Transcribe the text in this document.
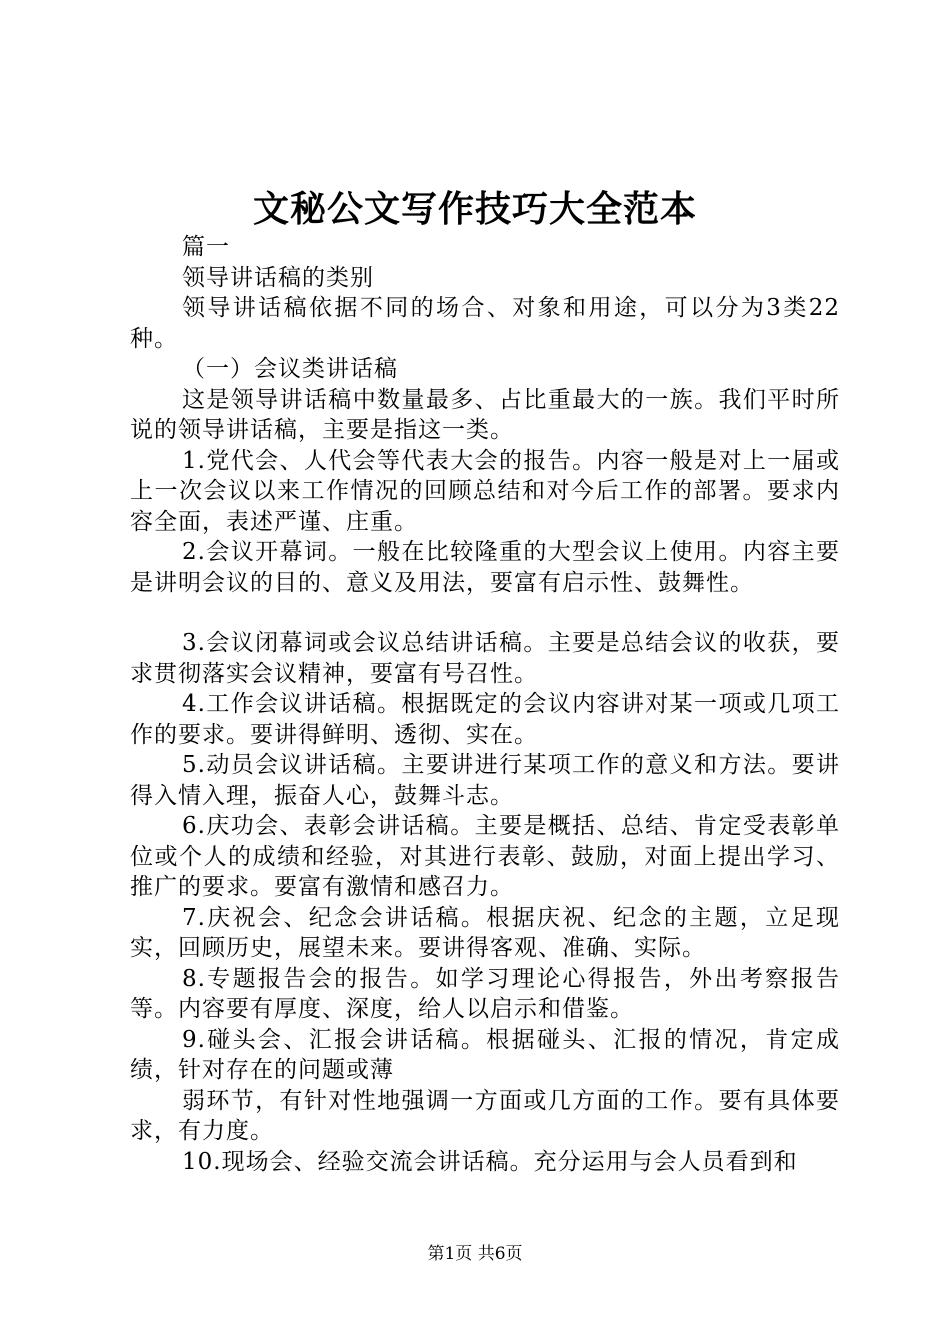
文秘公文写作技巧大全范本

篇一

领导讲话稿的类别

领导讲话稿依据不同的场合、对象和用途，可以分为3类22种。

（一）会议类讲话稿

这是领导讲话稿中数量最多、占比重最大的一族。我们平时所说的领导讲话稿，主要是指这一类。

1.党代会、人代会等代表大会的报告。内容一般是对上一届或上一次会议以来工作情况的回顾总结和对今后工作的部署。要求内容全面，表述严谨、庄重。

2.会议开幕词。一般在比较隆重的大型会议上使用。内容主要是讲明会议的目的、意义及用法，要富有启示性、鼓舞性。

3.会议闭幕词或会议总结讲话稿。主要是总结会议的收获，要求贯彻落实会议精神，要富有号召性。

4.工作会议讲话稿。根据既定的会议内容讲对某一项或几项工作的要求。要讲得鲜明、透彻、实在。

5.动员会议讲话稿。主要讲进行某项工作的意义和方法。要讲得入情入理，振奋人心，鼓舞斗志。

6.庆功会、表彰会讲话稿。主要是概括、总结、肯定受表彰单位或个人的成绩和经验，对其进行表彰、鼓励，对面上提出学习、推广的要求。要富有激情和感召力。

7.庆祝会、纪念会讲话稿。根据庆祝、纪念的主题，立足现实，回顾历史，展望未来。要讲得客观、准确、实际。

8.专题报告会的报告。如学习理论心得报告，外出考察报告等。内容要有厚度、深度，给人以启示和借鉴。

9.碰头会、汇报会讲话稿。根据碰头、汇报的情况，肯定成绩，针对存在的问题或薄

弱环节，有针对性地强调一方面或几方面的工作。要有具体要求，有力度。

10.现场会、经验交流会讲话稿。充分运用与会人员看到和

第1页 共6页
